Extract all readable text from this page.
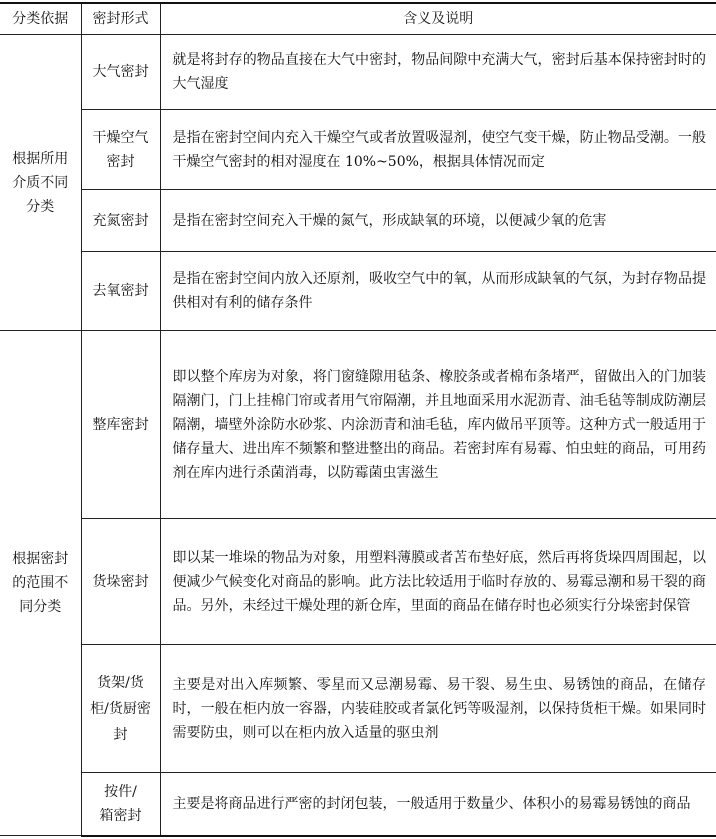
分类依据	密封形式	含义及说明
根据所用介质不同分类	大气密封	就是将封存的物品直接在大气中密封，物品间隙中充满大气，密封后基本保持密封时的大气湿度
	干燥空气密封	是指在密封空间内充入干燥空气或者放置吸湿剂，使空气变干燥，防止物品受潮。一般干燥空气密封的相对湿度在 10%~50%，根据具体情况而定
	充氮密封	是指在密封空间充入干燥的氮气，形成缺氧的环境，以便减少氧的危害
	去氧密封	是指在密封空间内放入还原剂，吸收空气中的氧，从而形成缺氧的气氛，为封存物品提供相对有利的储存条件
根据密封的范围不同分类	整库密封	即以整个库房为对象，将门窗缝隙用毡条、橡胶条或者棉布条堵严，留做出入的门加装隔潮门，门上挂棉门帘或者用气帘隔潮，并且地面采用水泥沥青、油毛毡等制成防潮层隔潮，墙壁外涂防水砂浆、内涂沥青和油毛毡，库内做吊平顶等。这种方式一般适用于储存量大、进出库不频繁和整进整出的商品。若密封库有易霉、怕虫蛀的商品，可用药剂在库内进行杀菌消毒，以防霉菌虫害滋生
	货垛密封	即以某一堆垛的物品为对象，用塑料薄膜或者苫布垫好底，然后再将货垛四周围起，以便减少气候变化对商品的影响。此方法比较适用于临时存放的、易霉忌潮和易干裂的商品。另外，未经过干燥处理的新仓库，里面的商品在储存时也必须实行分垛密封保管
	货架/货柜/货厨密封	主要是对出入库频繁、零星而又忌潮易霉、易干裂、易生虫、易锈蚀的商品，在储存时，一般在柜内放一容器，内装硅胶或者氯化钙等吸湿剂，以保持货柜干燥。如果同时需要防虫，则可以在柜内放入适量的驱虫剂
	按件/箱密封	主要是将商品进行严密的封闭包装，一般适用于数量少、体积小的易霉易锈蚀的商品
